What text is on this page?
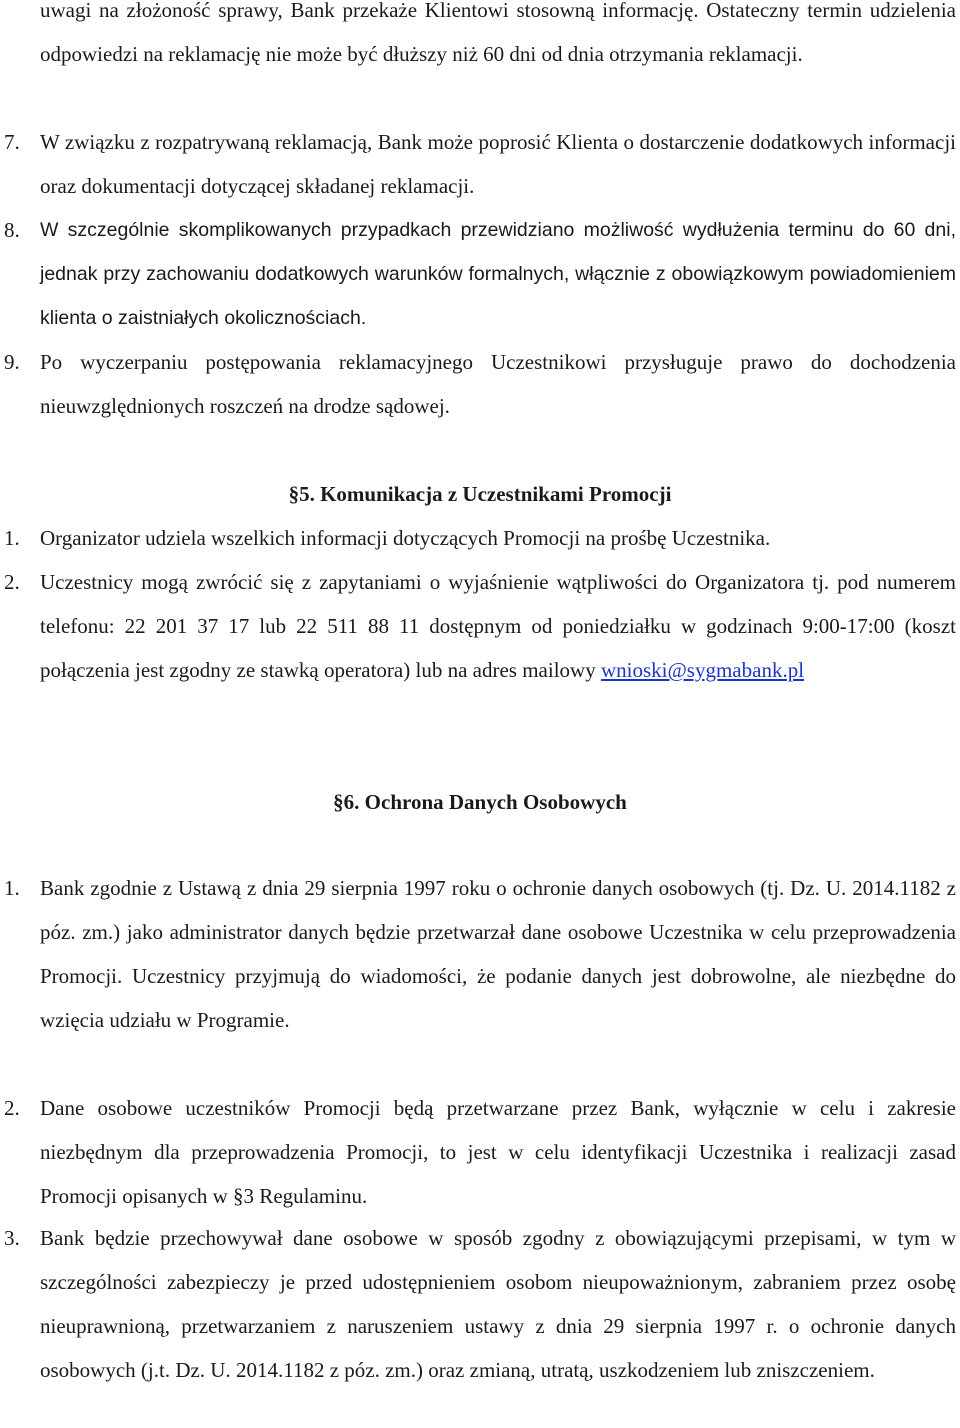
uwagi na złożoność sprawy, Bank przekaże Klientowi stosowną informację. Ostateczny termin udzielenia odpowiedzi na reklamację nie może być dłuższy niż 60 dni od dnia otrzymania reklamacji.
7. W związku z rozpatrywaną reklamacją, Bank może poprosić Klienta o dostarczenie dodatkowych informacji oraz dokumentacji dotyczącej składanej reklamacji.
8. W szczególnie skomplikowanych przypadkach przewidziano możliwość wydłużenia terminu do 60 dni, jednak przy zachowaniu dodatkowych warunków formalnych, włącznie z obowiązkowym powiadomieniem klienta o zaistniałych okolicznościach.
9. Po wyczerpaniu postępowania reklamacyjnego Uczestnikowi przysługuje prawo do dochodzenia nieuwzględnionych roszczeń na drodze sądowej.
§5. Komunikacja z Uczestnikami Promocji
1. Organizator udziela wszelkich informacji dotyczących Promocji na prośbę Uczestnika.
2. Uczestnicy mogą zwrócić się z zapytaniami o wyjaśnienie wątpliwości do Organizatora tj. pod numerem telefonu: 22 201 37 17 lub 22 511 88 11 dostępnym od poniedziałku w godzinach 9:00-17:00 (koszt połączenia jest zgodny ze stawką operatora) lub na adres mailowy wnioski@sygmabank.pl
§6. Ochrona Danych Osobowych
1. Bank zgodnie z Ustawą z dnia 29 sierpnia 1997 roku o ochronie danych osobowych (tj. Dz. U. 2014.1182 z póz. zm.) jako administrator danych będzie przetwarzał dane osobowe Uczestnika w celu przeprowadzenia Promocji. Uczestnicy przyjmują do wiadomości, że podanie danych jest dobrowolne, ale niezbędne do wzięcia udziału w Programie.
2. Dane osobowe uczestników Promocji będą przetwarzane przez Bank, wyłącznie w celu i zakresie niezbędnym dla przeprowadzenia Promocji, to jest w celu identyfikacji Uczestnika i realizacji zasad Promocji opisanych w §3 Regulaminu.
3. Bank będzie przechowywał dane osobowe w sposób zgodny z obowiązującymi przepisami, w tym w szczególności zabezpieczy je przed udostępnieniem osobom nieupoważnionym, zabraniem przez osobę nieuprawnioną, przetwarzaniem z naruszeniem ustawy z dnia 29 sierpnia 1997 r. o ochronie danych osobowych (j.t. Dz. U. 2014.1182 z póz. zm.) oraz zmianą, utratą, uszkodzeniem lub zniszczeniem.
